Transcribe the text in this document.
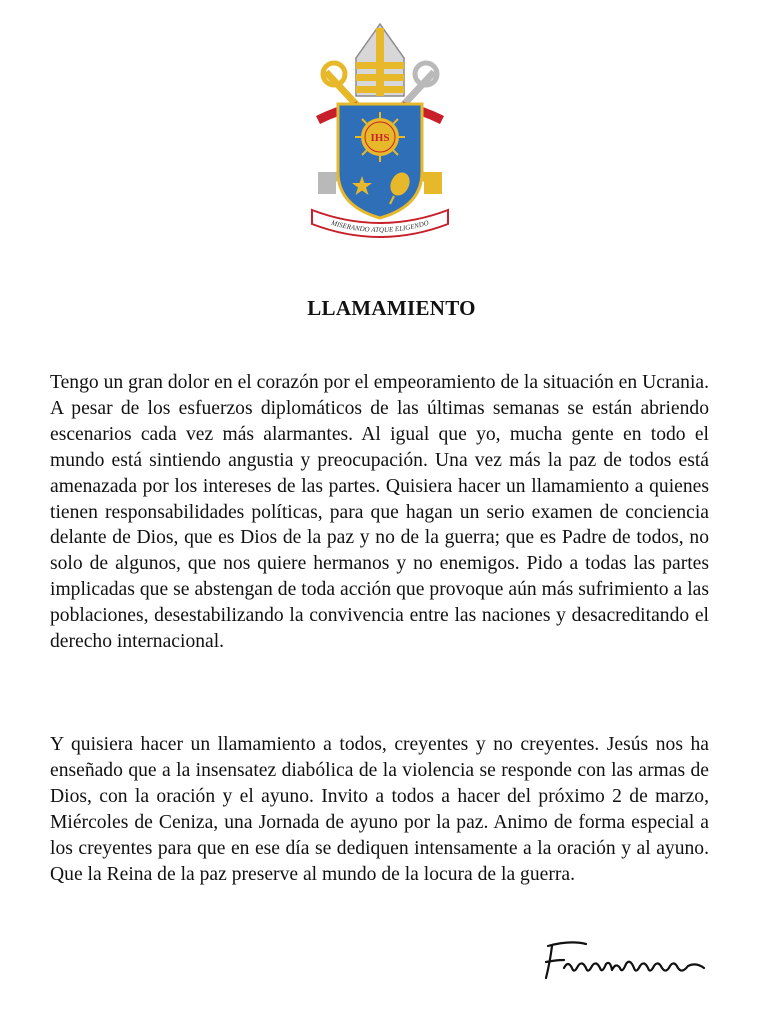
IHS
MISERANDO ATQUE ELIGENDO
LLAMAMIENTO

Tengo un gran dolor en el corazón por el empeoramiento de la situación en Ucrania. A pesar de los esfuerzos diplomáticos de las últimas semanas se están abriendo escenarios cada vez más alarmantes. Al igual que yo, mucha gente en todo el mundo está sintiendo angustia y preocupación. Una vez más la paz de todos está amenazada por los intereses de las partes. Quisiera hacer un llamamiento a quienes tienen responsabilidades políticas, para que hagan un serio examen de conciencia delante de Dios, que es Dios de la paz y no de la guerra; que es Padre de todos, no solo de algunos, que nos quiere hermanos y no enemigos. Pido a todas las partes implicadas que se abstengan de toda acción que provoque aún más sufrimiento a las poblaciones, desestabilizando la convivencia entre las naciones y desacreditando el derecho internacional.

Y quisiera hacer un llamamiento a todos, creyentes y no creyentes. Jesús nos ha enseñado que a la insensatez diabólica de la violencia se responde con las armas de Dios, con la oración y el ayuno. Invito a todos a hacer del próximo 2 de marzo, Miércoles de Ceniza, una Jornada de ayuno por la paz. Animo de forma especial a los creyentes para que en ese día se dediquen intensamente a la oración y al ayuno. Que la Reina de la paz preserve al mundo de la locura de la guerra.
